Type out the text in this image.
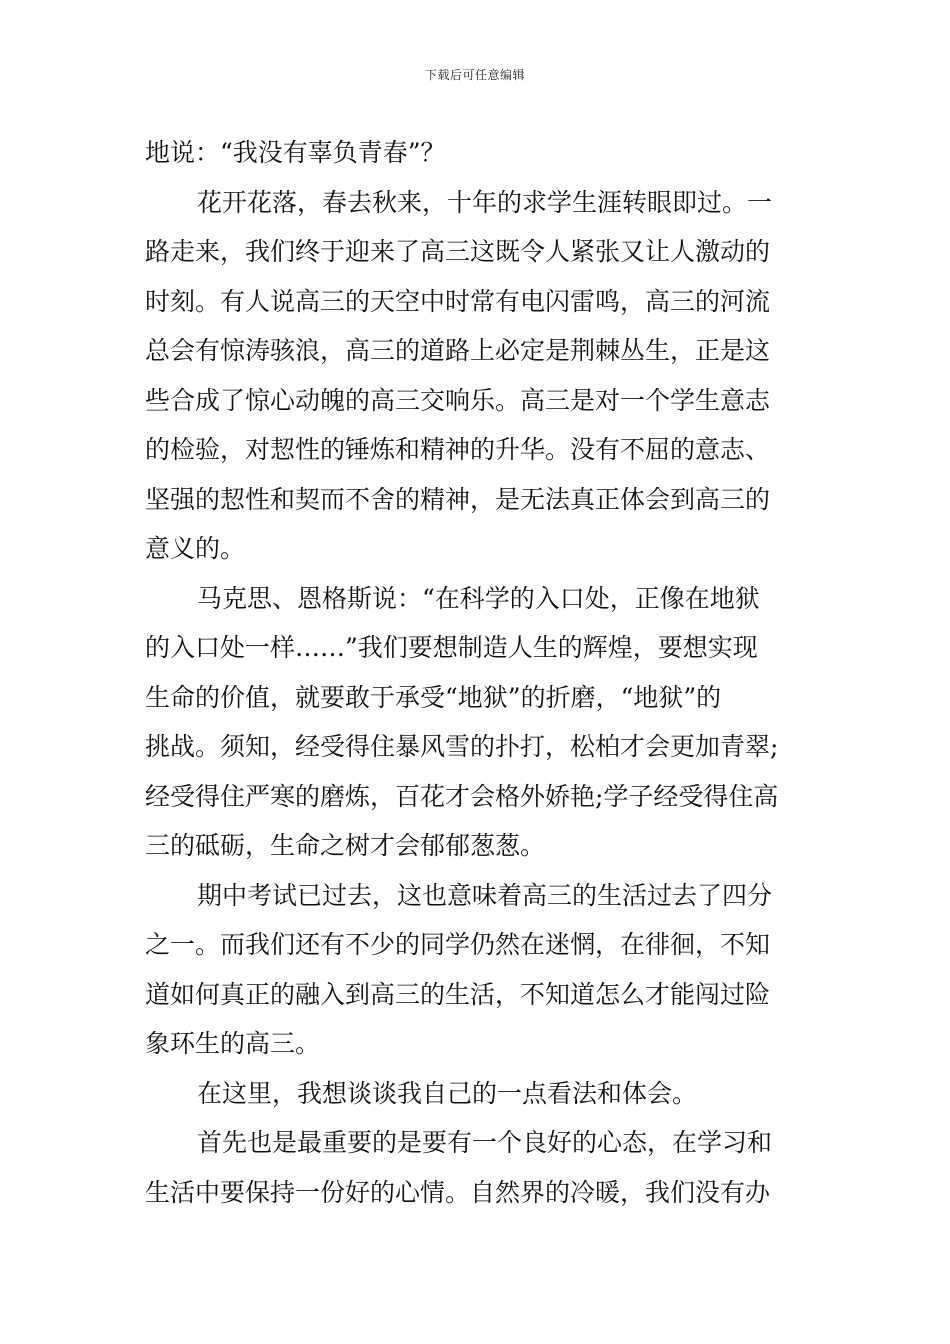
下载后可任意编辑
地说：“我没有辜负青春”？
花开花落，春去秋来，十年的求学生涯转眼即过。一
路走来，我们终于迎来了高三这既令人紧张又让人激动的
时刻。有人说高三的天空中时常有电闪雷鸣，高三的河流
总会有惊涛骇浪，高三的道路上必定是荆棘丛生，正是这
些合成了惊心动魄的高三交响乐。高三是对一个学生意志
的检验，对恝性的锤炼和精神的升华。没有不屈的意志、
坚强的恝性和契而不舍的精神，是无法真正体会到高三的
意义的。
马克思、恩格斯说：“在科学的入口处，正像在地狱
的入口处一样……”我们要想制造人生的辉煌，要想实现
生命的价值，就要敢于承受“地狱”的折磨，“地狱”的
挑战。须知，经受得住暴风雪的扑打，松柏才会更加青翠;
经受得住严寒的磨炼，百花才会格外娇艳;学子经受得住高
三的砥砺，生命之树才会郁郁葱葱。
期中考试已过去，这也意味着高三的生活过去了四分
之一。而我们还有不少的同学仍然在迷惘，在徘徊，不知
道如何真正的融入到高三的生活，不知道怎么才能闯过险
象环生的高三。
在这里，我想谈谈我自己的一点看法和体会。
首先也是最重要的是要有一个良好的心态，在学习和
生活中要保持一份好的心情。自然界的冷暖，我们没有办
